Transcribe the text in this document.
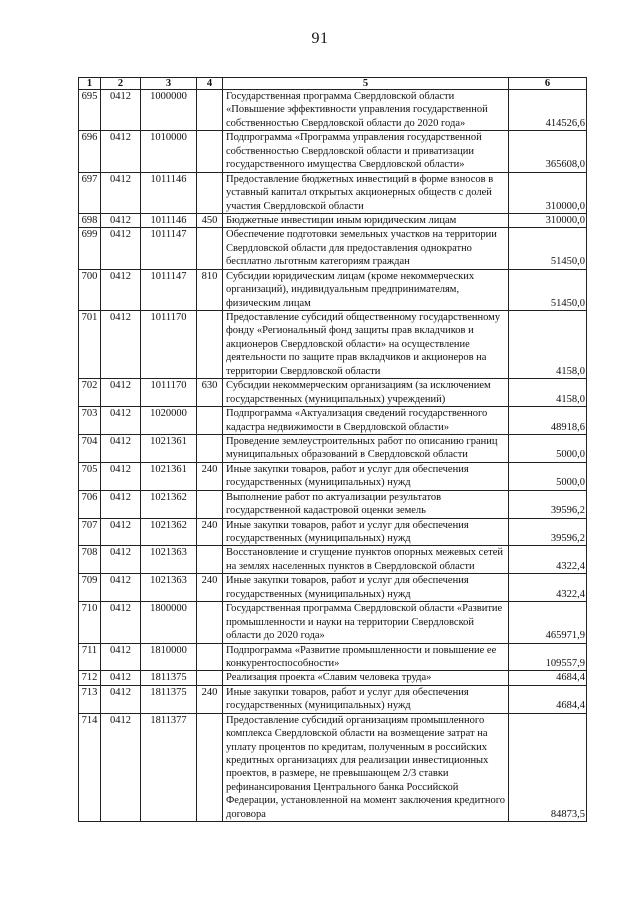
91
1	2	3	4	5	6
695	0412	1000000		Государственная программа Свердловской области «Повышение эффективности управления государственной собственностью Свердловской области до 2020 года»	414526,6
696	0412	1010000		Подпрограмма «Программа управления государственной собственностью Свердловской области и приватизации государственного имущества Свердловской области»	365608,0
697	0412	1011146		Предоставление бюджетных инвестиций в форме взносов в уставный капитал открытых акционерных обществ с долей участия Свердловской области	310000,0
698	0412	1011146	450	Бюджетные инвестиции иным юридическим лицам	310000,0
699	0412	1011147		Обеспечение подготовки земельных участков на территории Свердловской области для предоставления однократно бесплатно льготным категориям граждан	51450,0
700	0412	1011147	810	Субсидии юридическим лицам (кроме некоммерческих организаций), индивидуальным предпринимателям, физическим лицам	51450,0
701	0412	1011170		Предоставление субсидий общественному государственному фонду «Региональный фонд защиты прав вкладчиков и акционеров Свердловской области» на осуществление деятельности по защите прав вкладчиков и акционеров на территории Свердловской области	4158,0
702	0412	1011170	630	Субсидии некоммерческим организациям (за исключением государственных (муниципальных) учреждений)	4158,0
703	0412	1020000		Подпрограмма «Актуализация сведений государственного кадастра недвижимости в Свердловской области»	48918,6
704	0412	1021361		Проведение землеустроительных работ по описанию границ муниципальных образований в Свердловской области	5000,0
705	0412	1021361	240	Иные закупки товаров, работ и услуг для обеспечения государственных (муниципальных) нужд	5000,0
706	0412	1021362		Выполнение работ по актуализации результатов государственной кадастровой оценки земель	39596,2
707	0412	1021362	240	Иные закупки товаров, работ и услуг для обеспечения государственных (муниципальных) нужд	39596,2
708	0412	1021363		Восстановление и сгущение пунктов опорных межевых сетей на землях населенных пунктов в Свердловской области	4322,4
709	0412	1021363	240	Иные закупки товаров, работ и услуг для обеспечения государственных (муниципальных) нужд	4322,4
710	0412	1800000		Государственная программа Свердловской области «Развитие промышленности и науки на территории Свердловской области до 2020 года»	465971,9
711	0412	1810000		Подпрограмма «Развитие промышленности и повышение ее конкурентоспособности»	109557,9
712	0412	1811375		Реализация проекта «Славим человека труда»	4684,4
713	0412	1811375	240	Иные закупки товаров, работ и услуг для обеспечения государственных (муниципальных) нужд	4684,4
714	0412	1811377		Предоставление субсидий организациям промышленного комплекса Свердловской области на возмещение затрат на уплату процентов по кредитам, полученным в российских кредитных организациях для реализации инвестиционных проектов, в размере, не превышающем 2/3 ставки рефинансирования Центрального банка Российской Федерации, установленной на момент заключения кредитного договора	84873,5
